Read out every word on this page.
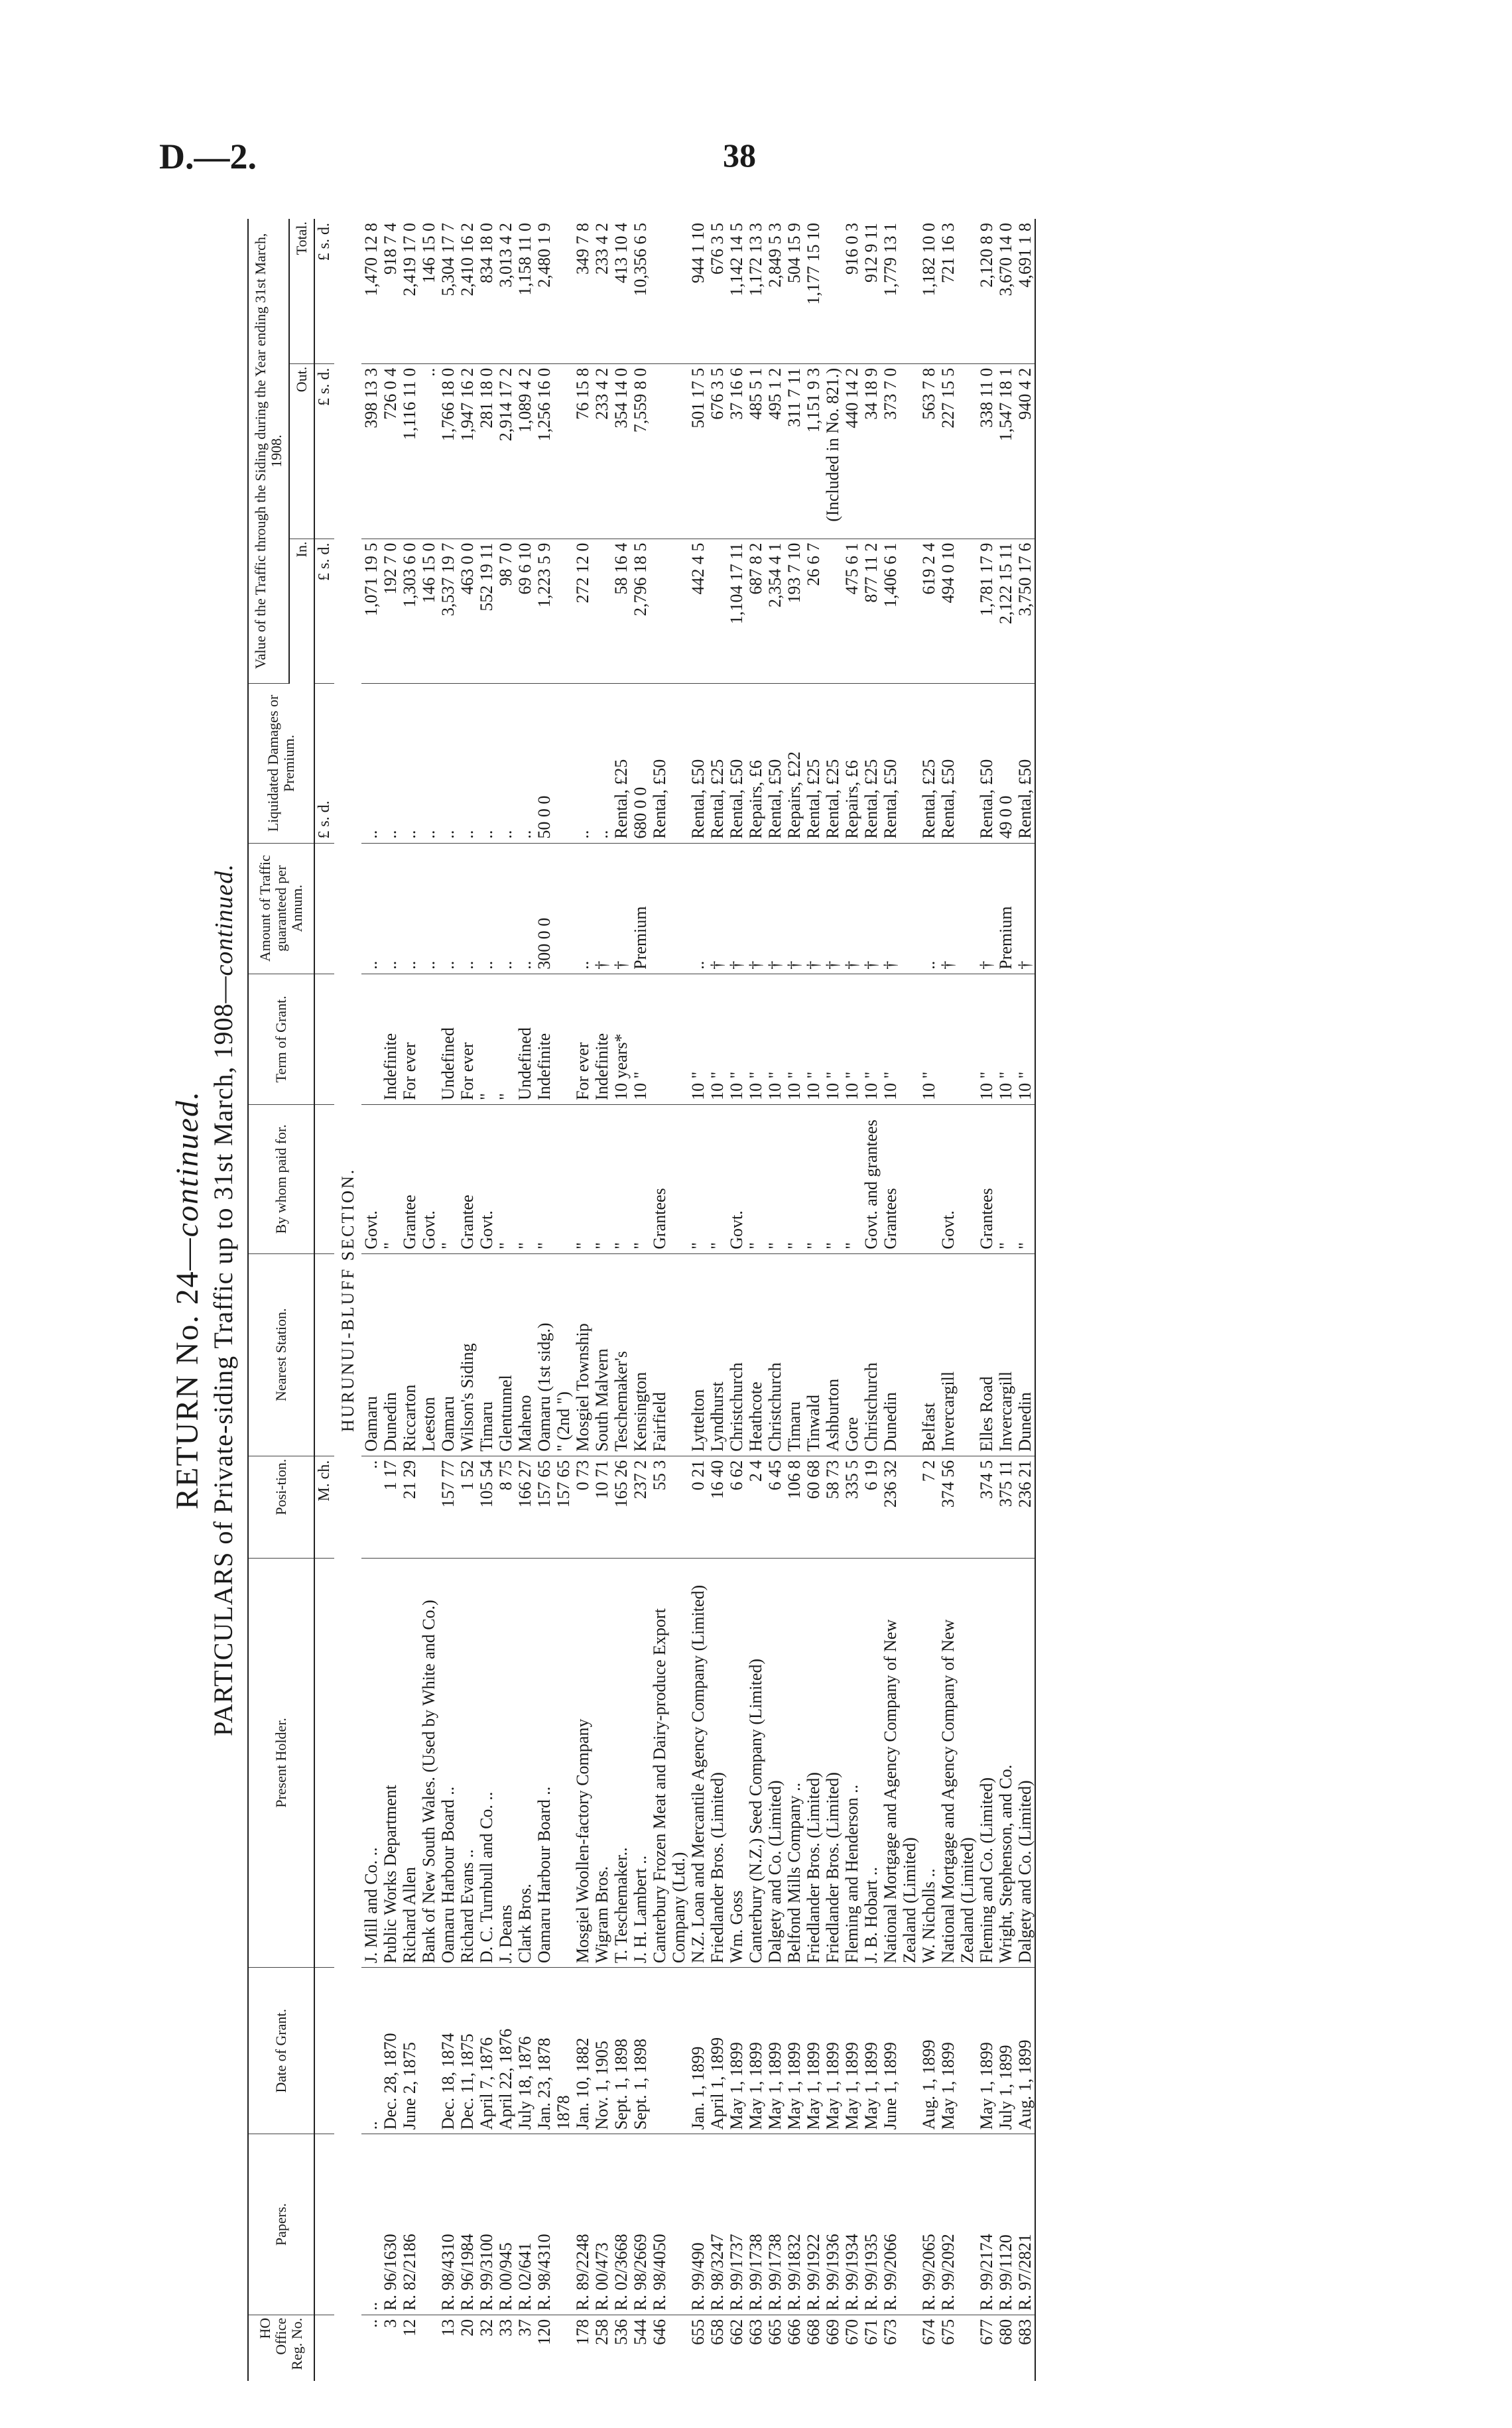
D.—2.	38
RETURN No. 24—continued. PARTICULARS of Private-siding Traffic up to 31st March, 1908—continued.
HO Office Reg. No.	Papers.	Date of Grant.	Present Holder.	Posi-tion.	Nearest Station.	By whom paid for.	Term of Grant.	Amount of Traffic guaranteed per Annum.	Liquidated Damages or Premium.	Value of the Traffic through the Siding during the Year ending 31st March, 1908.		
										In.	Out.	Total.
				M. ch.					£ s. d.	£ s. d.	£ s. d.	£ s. d.
HURUNUI-BLUFF SECTION.												
..	..	..	J. Mill and Co. ..	..	Oamaru	Govt.		..	..	1,071 19 5	398 13 3	1,470 12 8
3	R. 96/1630	Dec. 28, 1870	Public Works Department	1 17	Dunedin	"	Indefinite	..	..	192 7 0	726 0 4	918 7 4
12	R. 82/2186	June 2, 1875	Richard Allen	21 29	Riccarton	Grantee	For ever	..	..	1,303 6 0	1,116 11 0	2,419 17 0
			Bank of New South Wales. (Used by White and Co.)		Leeston	Govt.		..	..	146 15 0	..	146 15 0
13	R. 98/4310	Dec. 18, 1874	Oamaru Harbour Board ..	157 77	Oamaru	"	Undefined	..	..	3,537 19 7	1,766 18 0	5,304 17 7
20	R. 96/1984	Dec. 11, 1875	Richard Evans ..	1 52	Wilson's Siding	Grantee	For ever	..	..	463 0 0	1,947 16 2	2,410 16 2
32	R. 99/3100	April 7, 1876	D. C. Turnbull and Co. ..	105 54	Timaru	Govt.	"	..	..	552 19 11	281 18 0	834 18 0
33	R. 00/945	April 22, 1876	J. Deans	8 75	Glentunnel	"	"	..	..	98 7 0	2,914 17 2	3,013 4 2
37	R. 02/641	July 18, 1876	Clark Bros.	166 27	Maheno	"	Undefined	..	..	69 6 10	1,089 4 2	1,158 11 0
120	R. 98/4310	Jan. 23, 1878	Oamaru Harbour Board ..	157 65	Oamaru (1st sidg.)	"	Indefinite	300 0 0	50 0 0	1,223 5 9	1,256 16 0	2,480 1 9
		1878		157 65	" (2nd ")							
178	R. 89/2248	Jan. 10, 1882	Mosgiel Woollen-factory Company	0 73	Mosgiel Township	"	For ever	..	..	272 12 0	76 15 8	349 7 8
258	R. 00/473	Nov. 1, 1905	Wigram Bros.	10 71	South Malvern	"	Indefinite	†	..		233 4 2	233 4 2
536	R. 02/3668	Sept. 1, 1898	T. Teschemaker..	165 26	Teschemaker's	"	10 years*	†	Rental, £25	58 16 4	354 14 0	413 10 4
544	R. 98/2669	Sept. 1, 1898	J. H. Lambert ..	237 2	Kensington	"	10 "	Premium	680 0 0	2,796 18 5	7,559 8 0	10,356 6 5
646	R. 98/4050		Canterbury Frozen Meat and Dairy-produce Export Company (Ltd.)	55 3	Fairfield	Grantees			Rental, £50			
655	R. 99/490	Jan. 1, 1899	N.Z. Loan and Mercantile Agency Company (Limited)	0 21	Lyttelton	"	10 "	..	Rental, £50	442 4 5	501 17 5	944 1 10
658	R. 98/3247	April 1, 1899	Friedlander Bros. (Limited)	16 40	Lyndhurst	"	10 "	†	Rental, £25		676 3 5	676 3 5
662	R. 99/1737	May 1, 1899	Wm. Goss	6 62	Christchurch	Govt.	10 "	†	Rental, £50	1,104 17 11	37 16 6	1,142 14 5
663	R. 99/1738	May 1, 1899	Canterbury (N.Z.) Seed Company (Limited)	2 4	Heathcote	"	10 "	†	Repairs, £6	687 8 2	485 5 1	1,172 13 3
665	R. 99/1738	May 1, 1899	Dalgety and Co. (Limited)	6 45	Christchurch	"	10 "	†	Rental, £50	2,354 4 1	495 1 2	2,849 5 3
666	R. 99/1832	May 1, 1899	Belfond Mills Company ..	106 8	Timaru	"	10 "	†	Repairs, £22	193 7 10	311 7 11	504 15 9
668	R. 99/1922	May 1, 1899	Friedlander Bros. (Limited)	60 68	Tinwald	"	10 "	†	Rental, £25	26 6 7	1,151 9 3	1,177 15 10
669	R. 99/1936	May 1, 1899	Friedlander Bros. (Limited)	58 73	Ashburton	"	10 "	†	Rental, £25		(Included in No. 821.)	
670	R. 99/1934	May 1, 1899	Fleming and Henderson ..	335 5	Gore	"	10 "	†	Repairs, £6	475 6 1	440 14 2	916 0 3
671	R. 99/1935	May 1, 1899	J. B. Hobart ..	6 19	Christchurch	Govt. and grantees	10 "	†	Rental, £25	877 11 2	34 18 9	912 9 11
673	R. 99/2066	June 1, 1899	National Mortgage and Agency Company of New Zealand (Limited)	236 32	Dunedin	Grantees	10 "	†	Rental, £50	1,406 6 1	373 7 0	1,779 13 1
674	R. 99/2065	Aug. 1, 1899	W. Nicholls ..	7 2	Belfast		10 "	..	Rental, £25	619 2 4	563 7 8	1,182 10 0
675	R. 99/2092	May 1, 1899	National Mortgage and Agency Company of New Zealand (Limited)	374 56	Invercargill	Govt.		†	Rental, £50	494 0 10	227 15 5	721 16 3
677	R. 99/2174	May 1, 1899	Fleming and Co. (Limited)	374 5	Elles Road	Grantees	10 "	†	Rental, £50	1,781 17 9	338 11 0	2,120 8 9
680	R. 99/1120	July 1, 1899	Wright, Stephenson, and Co.	375 11	Invercargill	"	10 "	Premium	49 0 0	2,122 15 11	1,547 18 1	3,670 14 0
683	R. 97/2821	Aug. 1, 1899	Dalgety and Co. (Limited)	236 21	Dunedin	"	10 "	†	Rental, £50	3,750 17 6	940 4 2	4,691 1 8
